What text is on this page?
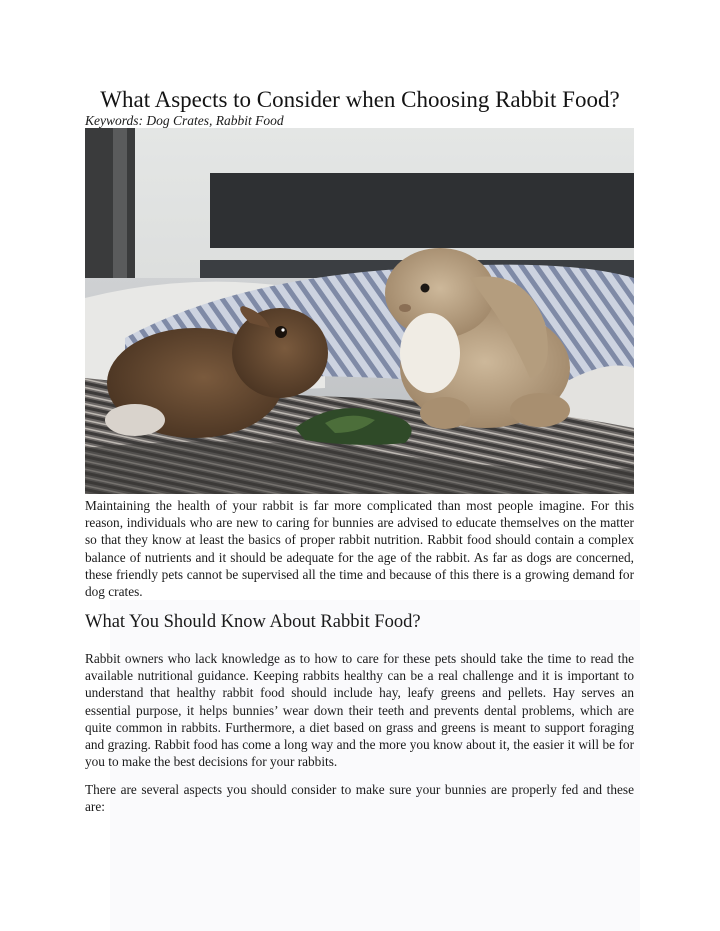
What Aspects to Consider when Choosing Rabbit Food?
Keywords: Dog Crates, Rabbit Food

Maintaining the health of your rabbit is far more complicated than most people imagine. For this reason, individuals who are new to caring for bunnies are advised to educate themselves on the matter so that they know at least the basics of proper rabbit nutrition. Rabbit food should contain a complex balance of nutrients and it should be adequate for the age of the rabbit. As far as dogs are concerned, these friendly pets cannot be supervised all the time and because of this there is a growing demand for dog crates.

What You Should Know About Rabbit Food?

Rabbit owners who lack knowledge as to how to care for these pets should take the time to read the available nutritional guidance. Keeping rabbits healthy can be a real challenge and it is important to understand that healthy rabbit food should include hay, leafy greens and pellets. Hay serves an essential purpose, it helps bunnies’ wear down their teeth and prevents dental problems, which are quite common in rabbits. Furthermore, a diet based on grass and greens is meant to support foraging and grazing. Rabbit food has come a long way and the more you know about it, the easier it will be for you to make the best decisions for your rabbits.

There are several aspects you should consider to make sure your bunnies are properly fed and these are:
